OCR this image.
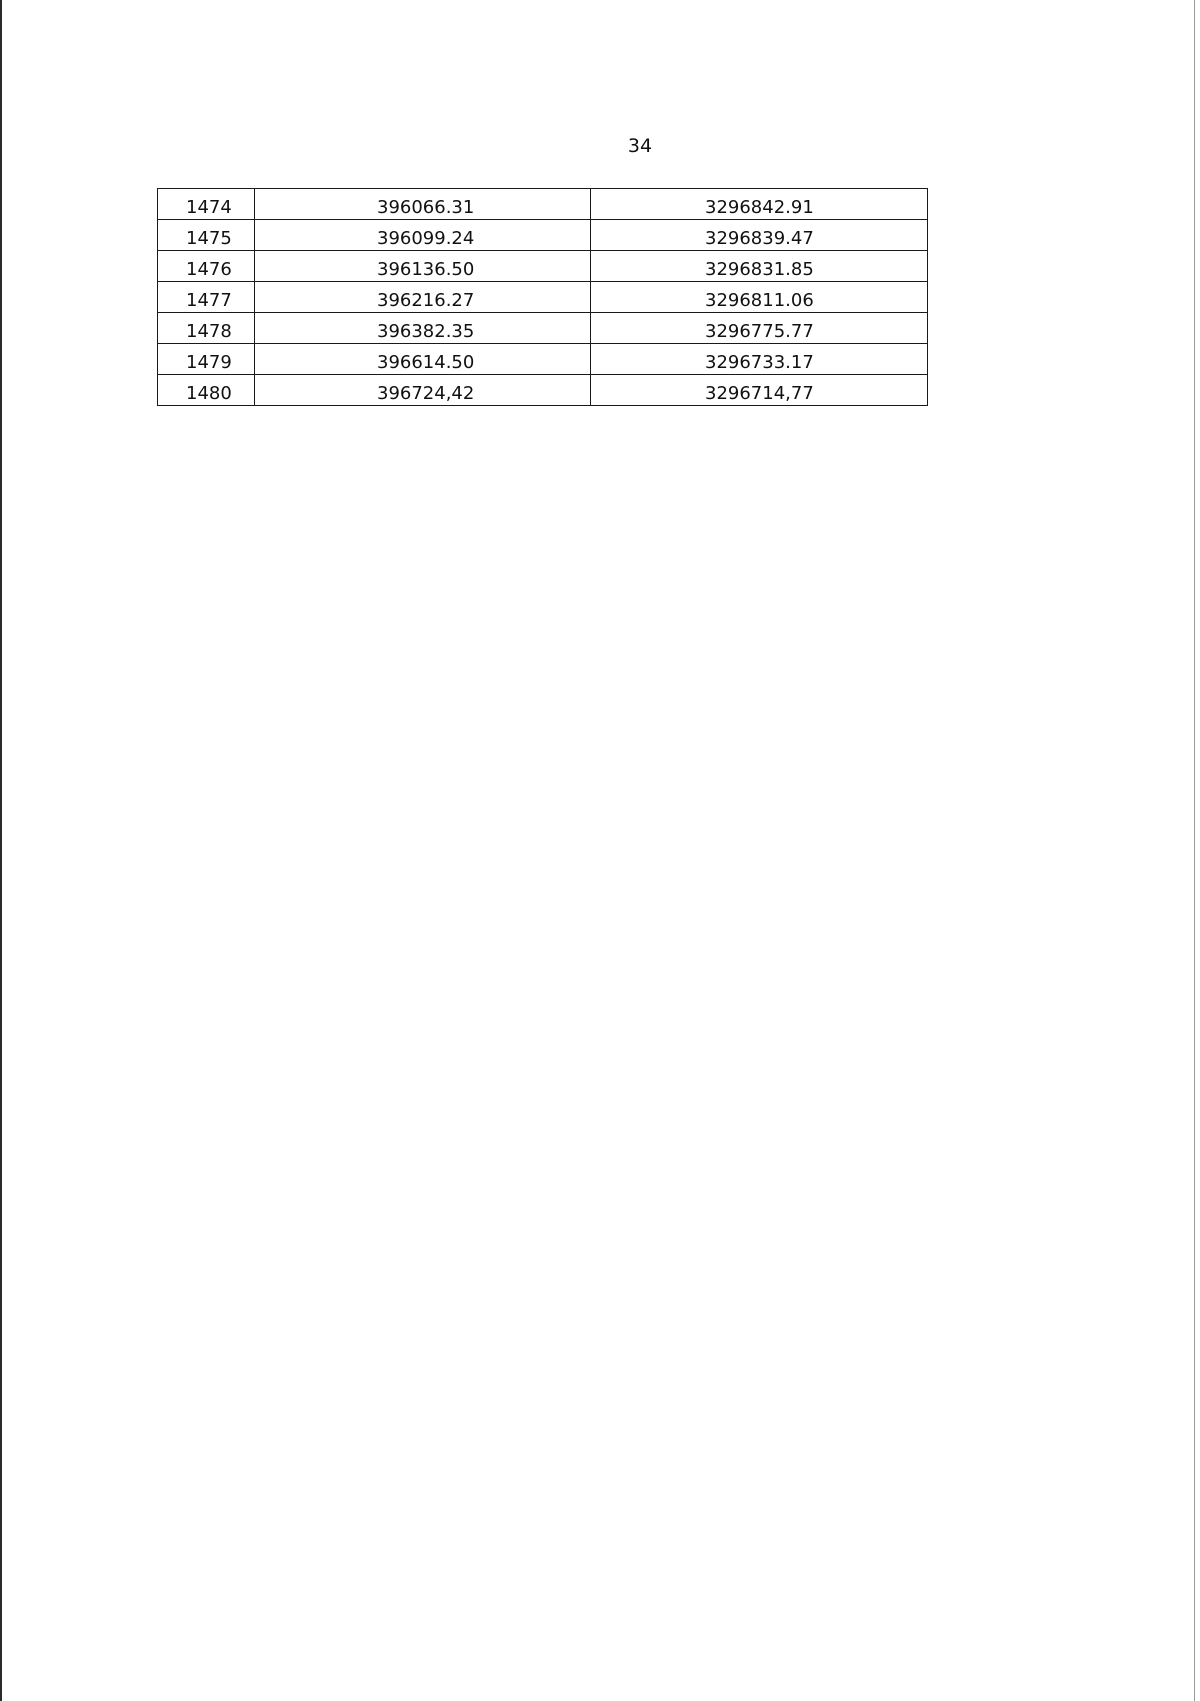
34
1474	396066.31	3296842.91
1475	396099.24	3296839.47
1476	396136.50	3296831.85
1477	396216.27	3296811.06
1478	396382.35	3296775.77
1479	396614.50	3296733.17
1480	396724,42	3296714,77
